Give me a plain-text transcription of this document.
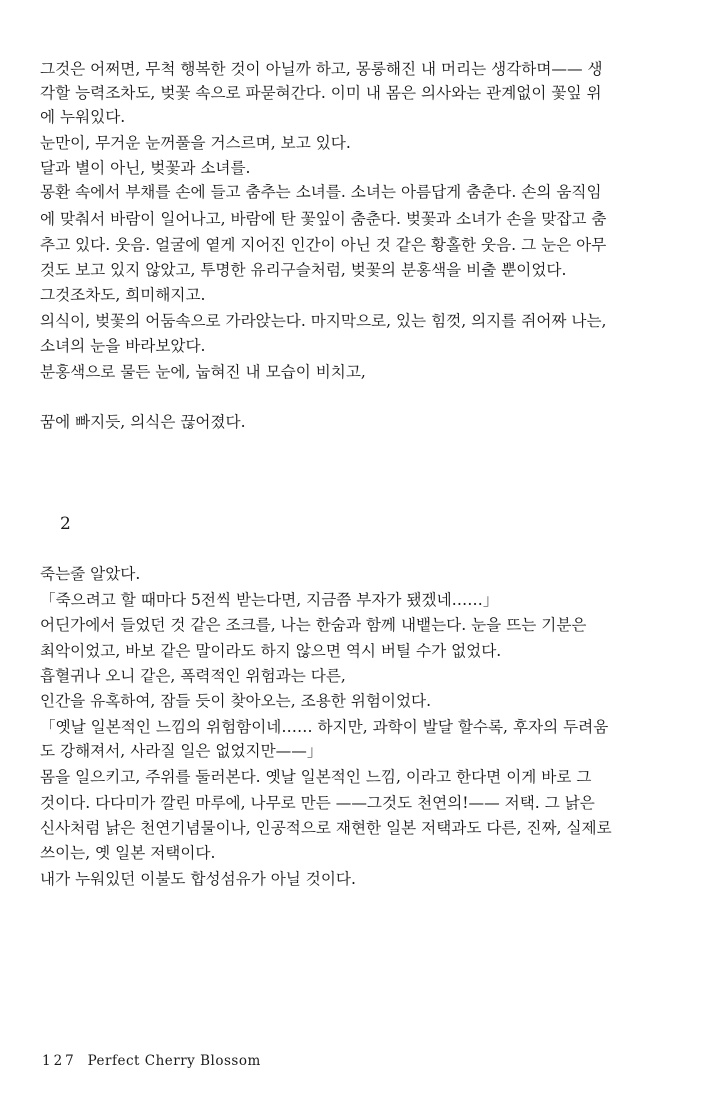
그것은 어쩌면, 무척 행복한 것이 아닐까 하고, 몽롱해진 내 머리는 생각하며—— 생
각할 능력조차도, 벚꽃 속으로 파묻혀간다. 이미 내 몸은 의사와는 관계없이 꽃잎 위
에 누워있다.
눈만이, 무거운 눈꺼풀을 거스르며, 보고 있다.
달과 별이 아닌, 벚꽃과 소녀를.
몽환 속에서 부채를 손에 들고 춤추는 소녀를. 소녀는 아름답게 춤춘다. 손의 움직임
에 맞춰서 바람이 일어나고, 바람에 탄 꽃잎이 춤춘다. 벚꽃과 소녀가 손을 맞잡고 춤
추고 있다. 웃음. 얼굴에 옅게 지어진 인간이 아닌 것 같은 황홀한 웃음. 그 눈은 아무
것도 보고 있지 않았고, 투명한 유리구슬처럼, 벚꽃의 분홍색을 비출 뿐이었다.
그것조차도, 희미해지고.
의식이, 벚꽃의 어둠속으로 가라앉는다. 마지막으로, 있는 힘껏, 의지를 쥐어짜 나는,
소녀의 눈을 바라보았다.
분홍색으로 물든 눈에, 눕혀진 내 모습이 비치고,
꿈에 빠지듯, 의식은 끊어졌다.
2
죽는줄 알았다.
「죽으려고 할 때마다 5전씩 받는다면, 지금쯤 부자가 됐겠네……」
어딘가에서 들었던 것 같은 조크를, 나는 한숨과 함께 내뱉는다. 눈을 뜨는 기분은
최악이었고, 바보 같은 말이라도 하지 않으면 역시 버틸 수가 없었다.
흡혈귀나 오니 같은, 폭력적인 위험과는 다른,
인간을 유혹하여, 잠들 듯이 찾아오는, 조용한 위험이었다.
「옛날 일본적인 느낌의 위험함이네…… 하지만, 과학이 발달 할수록, 후자의 두려움
도 강해져서, 사라질 일은 없었지만——」
몸을 일으키고, 주위를 둘러본다. 옛날 일본적인 느낌, 이라고 한다면 이게 바로 그
것이다. 다다미가 깔린 마루에, 나무로 만든 ——그것도 천연의!—— 저택. 그 낡은
신사처럼 낡은 천연기념물이나, 인공적으로 재현한 일본 저택과도 다른, 진짜, 실제로
쓰이는, 옛 일본 저택이다.
내가 누워있던 이불도 합성섬유가 아닐 것이다.
127 Perfect Cherry Blossom
